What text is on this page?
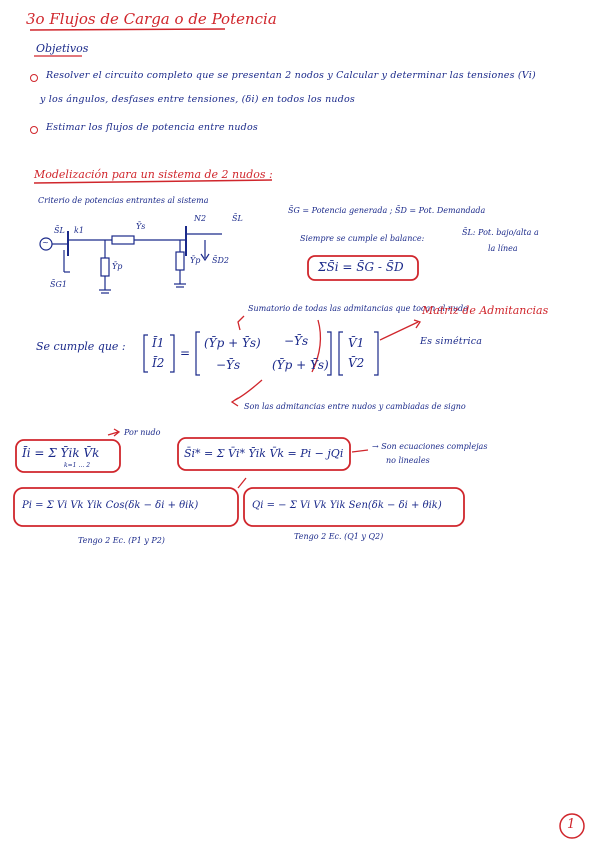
3o Flujos de Carga o de Potencia
Objetivos
Resolver el circuito completo que se presentan 2 nodos y Calcular y determinar las tensiones (Vi)
y los ángulos, desfases entre tensiones, (δi) en todos los nudos
Estimar los flujos de potencia entre nudos
Modelización para un sistema de 2 nudos :
Criterio de potencias entrantes al sistema
~
S̄L k1	Ȳs
N2	S̄L
Ȳp
Ȳp S̄D2
S̄G1
S̄G = Potencia generada ; S̄D = Pot. Demandada
Siempre se cumple el balance:
S̄L: Pot. bajo/alta a
la línea
ΣS̄i = S̄G - S̄D
Sumatorio de todas las admitancias que tocan al nudo
Matriz de Admitancias
Es simétrica
Se cumple que : Ī1
Ī2
=
(Ȳp + Ȳs) −Ȳs
−Ȳs	(Ȳp + Ȳs)
V̄1
V̄2
Son las admitancias entre nudos y cambiadas de signo
Īi = Σ Ȳik V̄k
k=1 … 2
Por nudo
S̄i* = Σ V̄i* Ȳik V̄k = Pi − jQi
→ Son ecuaciones complejas
no lineales
Pi = Σ Vi Vk Yik Cos(δk − δi + θik)	Qi = − Σ Vi Vk Yik Sen(δk − δi + θik)
Tengo 2 Ec. (P1 y P2)	Tengo 2 Ec. (Q1 y Q2)
1
